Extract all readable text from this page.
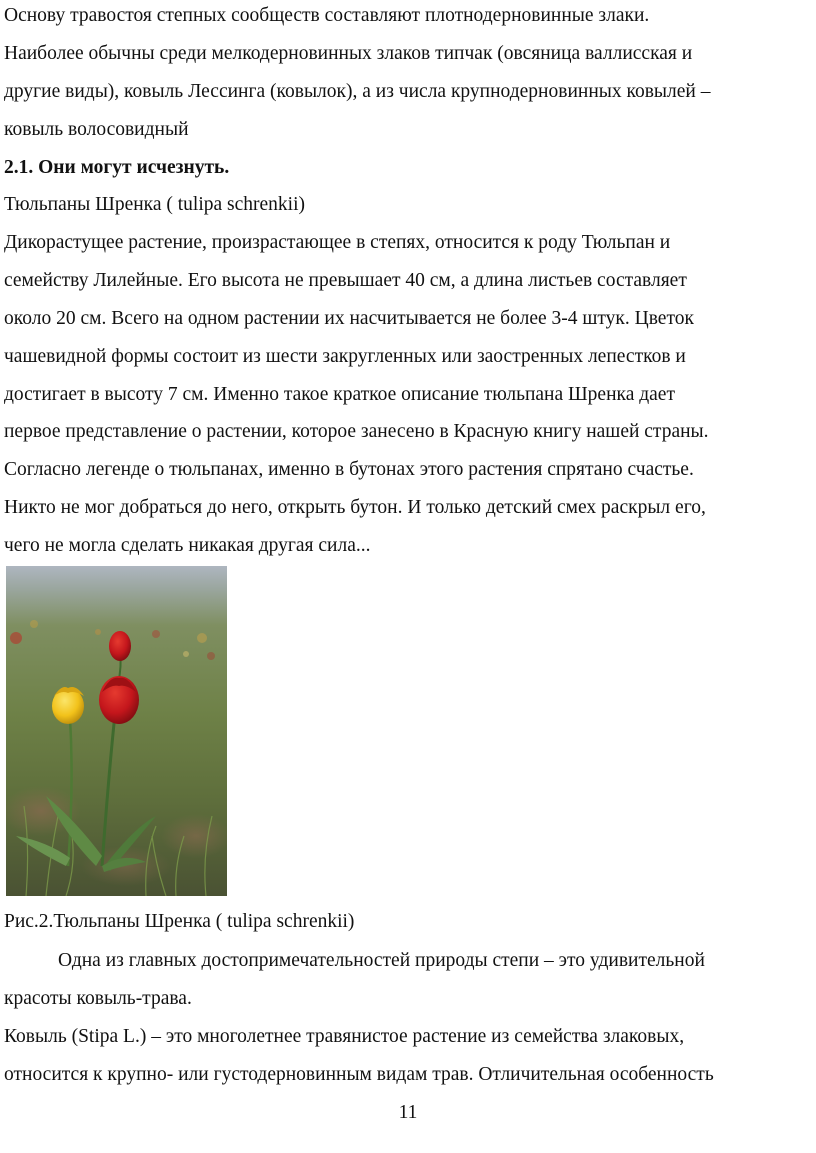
Основу травостоя степных сообществ составляют плотнодерновинные злаки.
Наиболее обычны среди мелкодерновинных злаков типчак (овсяница валлисская и
другие виды), ковыль Лессинга (ковылок), а из числа крупнодерновинных ковылей –
ковыль волосовидный
2.1. Они могут исчезнуть.
Тюльпаны Шренка ( tulipa schrenkii)
Дикорастущее растение, произрастающее в степях, относится к роду Тюльпан и
семейству Лилейные. Его высота не превышает 40 см, а длина листьев составляет
около 20 см. Всего на одном растении их насчитывается не более 3-4 штук. Цветок
чашевидной формы состоит из шести закругленных или заостренных лепестков и
достигает в высоту 7 см. Именно такое краткое описание тюльпана Шренка дает
первое представление о растении, которое занесено в Красную книгу нашей страны.
Согласно легенде о тюльпанах, именно в бутонах этого растения спрятано счастье.
Никто не мог добраться до него, открыть бутон. И только детский смех раскрыл его,
чего не могла сделать никакая другая сила...
Рис.2.Тюльпаны Шренка ( tulipa schrenkii)
Одна из главных достопримечательностей природы степи – это удивительной
красоты ковыль-трава.
Ковыль (Stipa L.) – это многолетнее травянистое растение из семейства злаковых,
относится к крупно- или густодерновинным видам трав. Отличительная особенность
11
